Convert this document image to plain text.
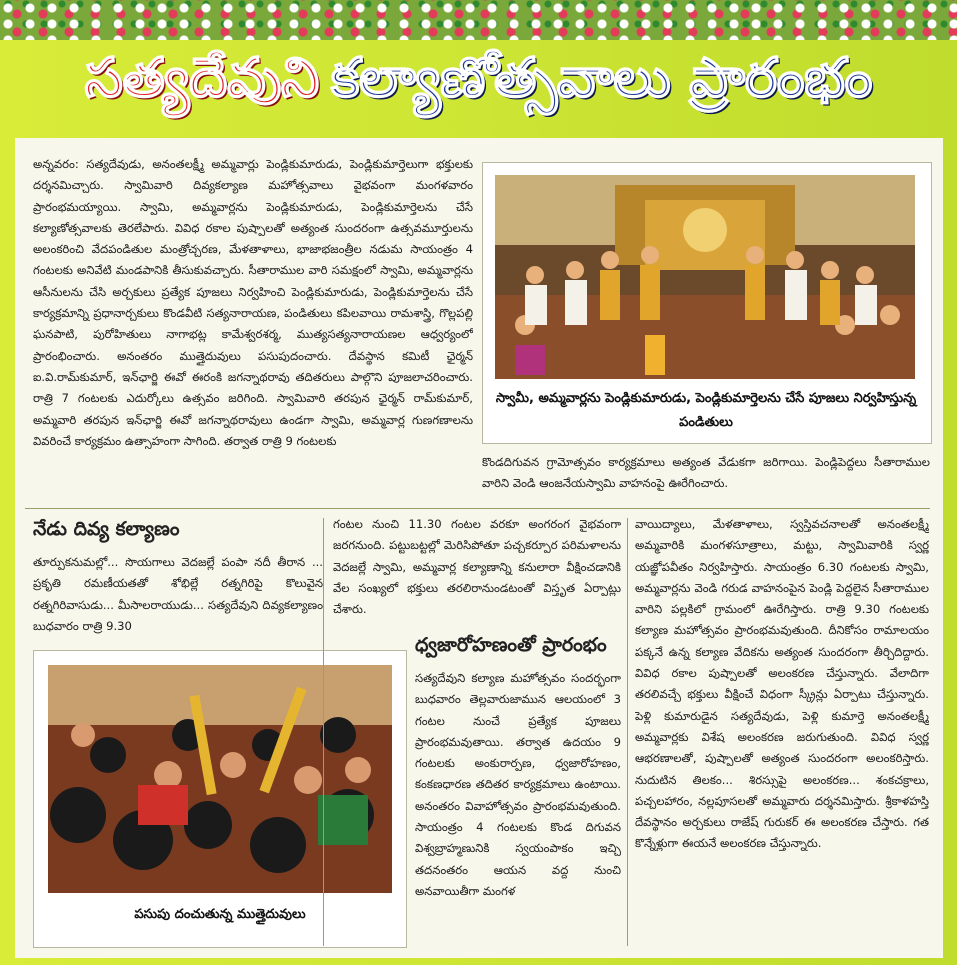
సత్యదేవుని కల్యాణోత్సవాలు ప్రారంభం

అన్నవరం: సత్యదేవుడు, అనంతలక్ష్మీ అమ్మవార్లు పెండ్లికుమారుడు, పెండ్లికుమార్తెలుగా భక్తులకు దర్శనమిచ్చారు. స్వామివారి దివ్యకల్యాణ మహోత్సవాలు వైభవంగా మంగళవారం ప్రారంభమయ్యాయి. స్వామి, అమ్మవార్లను పెండ్లికుమారుడు, పెండ్లికుమార్తెలను చేసే కల్యాణోత్సవాలకు తెరలేపారు. వివిధ రకాల పుష్పాలతో అత్యంత సుందరంగా ఉత్సవమూర్తులను అలంకరించి వేదపండితుల మంత్రోచ్చరణ, మేళతాళాలు, భాజాభజంత్రీల నడుమ సాయంత్రం 4 గంటలకు అనివేటి మండపానికి తీసుకువచ్చారు. సీతారాముల వారి సమక్షంలో స్వామి, అమ్మవార్లను ఆసీనులను చేసి అర్చకులు ప్రత్యేక పూజలు నిర్వహించి పెండ్లికుమారుడు, పెండ్లికుమార్తెలను చేసే కార్యక్రమాన్ని ప్రధానార్చకులు కొండవీటి సత్యనారాయణ, పండితులు కపిలవాయి రామశాస్త్రి, గొల్లపల్లి ఘనపాటి, పురోహితులు నాగాభట్ల కామేశ్వరశర్మ, ముత్యసత్యనారాయణల ఆధ్వర్యంలో ప్రారంభించారు. అనంతరం ముత్తైదువులు పసుపుదంచారు. దేవస్థాన కమిటీ ఛైర్మన్ ఐ.వి.రామ్‌కుమార్, ఇన్‌ఛార్జి ఈవో ఈరంకి జగన్నాథరావు తదితరులు పాల్గొని పూజలాచరించారు. రాత్రి 7 గంటలకు ఎదుర్కోలు ఉత్సవం జరిగింది. స్వామివారి తరపున ఛైర్మన్ రామ్‌కుమార్, అమ్మవారి తరపున ఇన్‌ఛార్జి ఈవో జగన్నాథరావులు ఉండగా స్వామి, అమ్మవార్ల గుణగణాలను వివరించే కార్యక్రమం ఉత్సాహంగా సాగింది. తర్వాత రాత్రి 9 గంటలకు

స్వామీ, అమ్మవార్లను పెండ్లికుమారుడు, పెండ్లికుమార్తెలను చేసే పూజలు నిర్వహిస్తున్న పండితులు

కొండదిగువన గ్రామోత్సవం కార్యక్రమాలు అత్యంత వేడుకగా జరిగాయి. పెండ్లిపెద్దలు సీతారాముల వారిని వెండి ఆంజనేయస్వామి వాహనంపై ఊరేగించారు.

నేడు దివ్య కల్యాణం

తూర్పుకనుమల్లో... సొయగాలు వెదజల్లే పంపా నదీ తీరాన ... ప్రకృతి రమణీయతతో శోభిల్లే రత్నగిరిపై కొలువైన రత్నగిరివాసుడు... మీసాలరాయుడు... సత్యదేవుని దివ్యకల్యాణం బుధవారం రాత్రి 9.30

పసుపు దంచుతున్న ముత్తైదువులు

గంటల నుంచి 11.30 గంటల వరకూ అంగరంగ వైభవంగా జరగనుంది. పట్టుబట్టల్లో మెరిసిపోతూ పచ్చకర్పూర పరిమళాలను వెదజల్లే స్వామి, అమ్మవార్ల కల్యాణాన్ని కనులారా వీక్షించడానికి వేల సంఖ్యలో భక్తులు తరలిరానుండటంతో విస్తృత ఏర్పాట్లు చేశారు.

ధ్వజారోహణంతో ప్రారంభం

సత్యదేవుని కల్యాణ మహోత్సవం సందర్భంగా బుధవారం తెల్లవారుజామున ఆలయంలో 3 గంటల నుంచే ప్రత్యేక పూజలు ప్రారంభమవుతాయి. తర్వాత ఉదయం 9 గంటలకు అంకురార్పణ, ధ్వజారోహణం, కంకణధారణ తదితర కార్యక్రమాలు ఉంటాయి. అనంతరం వివాహోత్సవం ప్రారంభమవుతుంది. సాయంత్రం 4 గంటలకు కొండ దిగువన విశ్వబ్రాహ్మణునికి స్వయంపాకం ఇచ్చి తదనంతరం ఆయన వద్ద నుంచి అనవాయితీగా మంగళ

వాయిద్యాలు, మేళతాళాలు, స్వస్తివచనాలతో అనంతలక్ష్మీ అమ్మవారికి మంగళసూత్రాలు, మట్టు, స్వామివారికి స్వర్ణ యజ్ఞోపవీతం నిర్వహిస్తారు. సాయంత్రం 6.30 గంటలకు స్వామి, అమ్మవార్లను వెండి గరుడ వాహనంపైన పెండ్లి పెద్దలైన సీతారాముల వారిని పల్లకిలో గ్రామంలో ఊరేగిస్తారు. రాత్రి 9.30 గంటలకు కల్యాణ మహోత్సవం ప్రారంభమవుతుంది. దీనికోసం రామాలయం పక్కనే ఉన్న కల్యాణ వేదికను అత్యంత సుందరంగా తీర్చిదిద్దారు. వివిధ రకాల పుష్పాలతో అలంకరణ చేస్తున్నారు. వేలాదిగా తరలివచ్చే భక్తులు వీక్షించే విధంగా స్క్రీన్లు ఏర్పాటు చేస్తున్నారు. పెళ్లి కుమారుడైన సత్యదేవుడు, పెళ్లి కుమార్తె అనంతలక్ష్మీ అమ్మవార్లకు విశేష అలంకరణ జరుగుతుంది. వివిధ స్వర్ణ ఆభరణాలతో, పుష్పాలతో అత్యంత సుందరంగా అలంకరిస్తారు. నుదుటిన తిలకం... శిరస్సుపై అలంకరణ... శంకచక్రాలు, పచ్చలహారం, నల్లపూసలతో అమ్మవారు దర్శనమిస్తారు. శ్రీకాళహస్తి దేవస్థానం అర్చకులు రాజేష్ గురుకర్ ఈ అలంకరణ చేస్తారు. గత కొన్నేళ్లుగా ఈయనే అలంకరణ చేస్తున్నారు.
